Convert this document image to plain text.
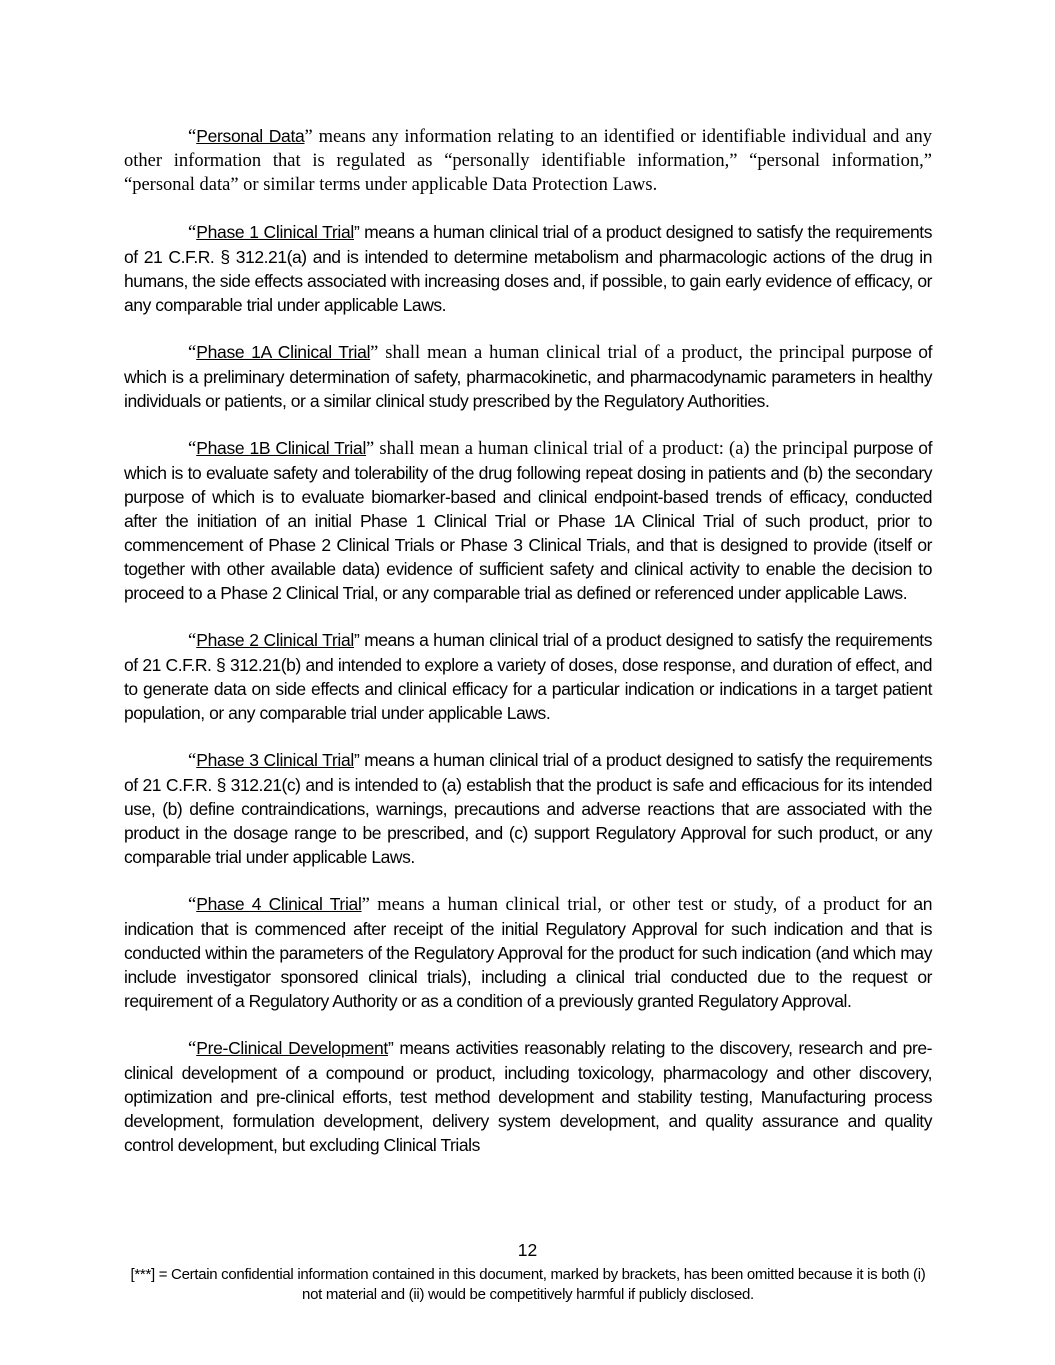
“Personal Data” means any information relating to an identified or identifiable individual and any other information that is regulated as “personally identifiable information,” “personal information,” “personal data” or similar terms under applicable Data Protection Laws.

“Phase 1 Clinical Trial” means a human clinical trial of a product designed to satisfy the requirements of 21 C.F.R. § 312.21(a) and is intended to determine metabolism and pharmacologic actions of the drug in humans, the side effects associated with increasing doses and, if possible, to gain early evidence of efficacy, or any comparable trial under applicable Laws.

“Phase 1A Clinical Trial” shall mean a human clinical trial of a product, the principal purpose of which is a preliminary determination of safety, pharmacokinetic, and pharmacodynamic parameters in healthy individuals or patients, or a similar clinical study prescribed by the Regulatory Authorities.

“Phase 1B Clinical Trial” shall mean a human clinical trial of a product: (a) the principal purpose of which is to evaluate safety and tolerability of the drug following repeat dosing in patients and (b) the secondary purpose of which is to evaluate biomarker-based and clinical endpoint-based trends of efficacy, conducted after the initiation of an initial Phase 1 Clinical Trial or Phase 1A Clinical Trial of such product, prior to commencement of Phase 2 Clinical Trials or Phase 3 Clinical Trials, and that is designed to provide (itself or together with other available data) evidence of sufficient safety and clinical activity to enable the decision to proceed to a Phase 2 Clinical Trial, or any comparable trial as defined or referenced under applicable Laws.

“Phase 2 Clinical Trial” means a human clinical trial of a product designed to satisfy the requirements of 21 C.F.R. § 312.21(b) and intended to explore a variety of doses, dose response, and duration of effect, and to generate data on side effects and clinical efficacy for a particular indication or indications in a target patient population, or any comparable trial under applicable Laws.

“Phase 3 Clinical Trial” means a human clinical trial of a product designed to satisfy the requirements of 21 C.F.R. § 312.21(c) and is intended to (a) establish that the product is safe and efficacious for its intended use, (b) define contraindications, warnings, precautions and adverse reactions that are associated with the product in the dosage range to be prescribed, and (c) support Regulatory Approval for such product, or any comparable trial under applicable Laws.

“Phase 4 Clinical Trial” means a human clinical trial, or other test or study, of a product for an indication that is commenced after receipt of the initial Regulatory Approval for such indication and that is conducted within the parameters of the Regulatory Approval for the product for such indication (and which may include investigator sponsored clinical trials), including a clinical trial conducted due to the request or requirement of a Regulatory Authority or as a condition of a previously granted Regulatory Approval.

“Pre-Clinical Development” means activities reasonably relating to the discovery, research and pre-clinical development of a compound or product, including toxicology, pharmacology and other discovery, optimization and pre-clinical efforts, test method development and stability testing, Manufacturing process development, formulation development, delivery system development, and quality assurance and quality control development, but excluding Clinical Trials

12
[***] = Certain confidential information contained in this document, marked by brackets, has been omitted because it is both (i) not material and (ii) would be competitively harmful if publicly disclosed.
